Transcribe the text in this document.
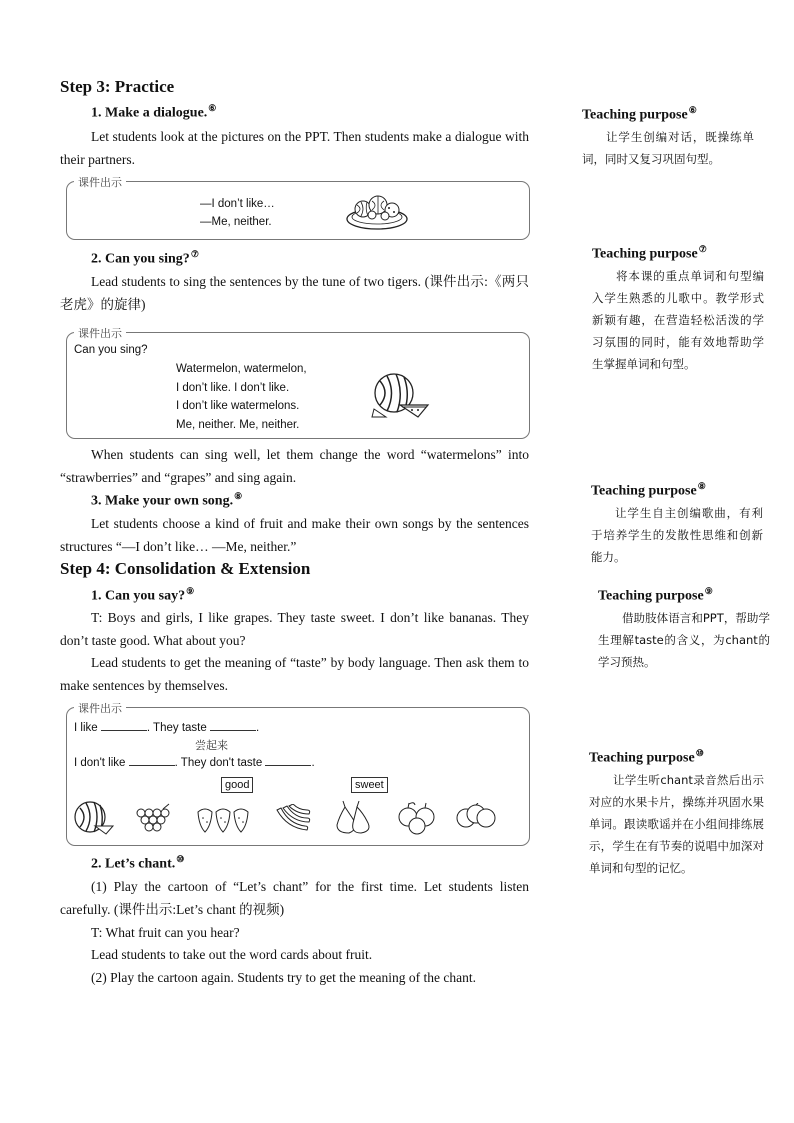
Step 3: Practice
1. Make a dialogue.⑥
Let students look at the pictures on the PPT. Then students make a dialogue with their partners.
课件出示
—I don’t like…
—Me, neither.
2. Can you sing?⑦
Lead students to sing the sentences by the tune of two tigers. (课件出示:《两只老虎》的旋律)
课件出示
Can you sing?
Watermelon, watermelon,
I don’t like. I don’t like.
I don’t like watermelons.
Me, neither. Me, neither.
When students can sing well, let them change the word “watermelons” into “strawberries” and “grapes” and sing again.
3. Make your own song.⑧
Let students choose a kind of fruit and make their own songs by the sentences structures “—I don’t like… —Me, neither.”
Step 4: Consolidation & Extension
1. Can you say?⑨
T: Boys and girls, I like grapes. They taste sweet. I don’t like bananas. They don’t taste good. What about you?
Lead students to get the meaning of “taste” by body language. Then ask them to make sentences by themselves.
课件出示
I like	. They taste	.
尝起来
I don't like	. They don't taste	.
good	sweet
2. Let’s chant.⑩
(1) Play the cartoon of “Let’s chant” for the first time. Let students listen carefully. (课件出示:Let’s chant 的视频)
T: What fruit can you hear?
Lead students to take out the word cards about fruit.
(2) Play the cartoon again. Students try to get the meaning of the chant.
Teaching purpose⑥
让学生创编对话，既操练单词，同时又复习巩固句型。
Teaching purpose⑦
将本课的重点单词和句型编入学生熟悉的儿歌中。教学形式新颖有趣，在营造轻松活泼的学习氛围的同时，能有效地帮助学生掌握单词和句型。
Teaching purpose⑧
让学生自主创编歌曲，有利于培养学生的发散性思维和创新能力。
Teaching purpose⑨
借助肢体语言和PPT，帮助学生理解taste的含义，为chant的学习预热。
Teaching purpose⑩
让学生听chant录音然后出示对应的水果卡片，操练并巩固水果单词。跟读歌谣并在小组间排练展示，学生在有节奏的说唱中加深对单词和句型的记忆。
